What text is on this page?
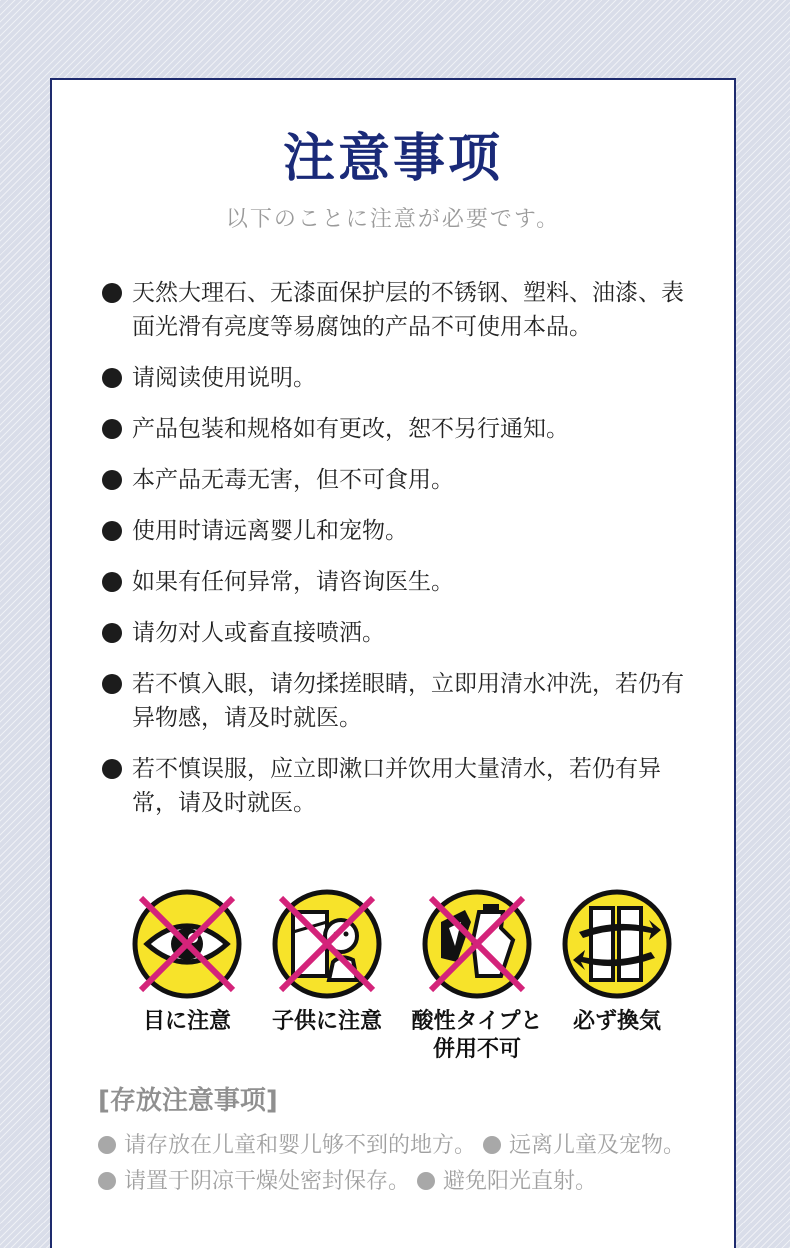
注意事项
以下のことに注意が必要です。
天然大理石、无漆面保护层的不锈钢、塑料、油漆、表面光滑有亮度等易腐蚀的产品不可使用本品。
请阅读使用说明。
产品包装和规格如有更改，恕不另行通知。
本产品无毒无害，但不可食用。
使用时请远离婴儿和宠物。
如果有任何异常，请咨询医生。
请勿对人或畜直接喷洒。
若不慎入眼，请勿揉搓眼睛，立即用清水冲洗，若仍有异物感，请及时就医。
若不慎误服，应立即漱口并饮用大量清水，若仍有异常，请及时就医。
目に注意	子供に注意	酸性タイプと併用不可
必ず換気
[存放注意事项]
请存放在儿童和婴儿够不到的地方。 远离儿童及宠物。 请置于阴凉干燥处密封保存。 避免阳光直射。
